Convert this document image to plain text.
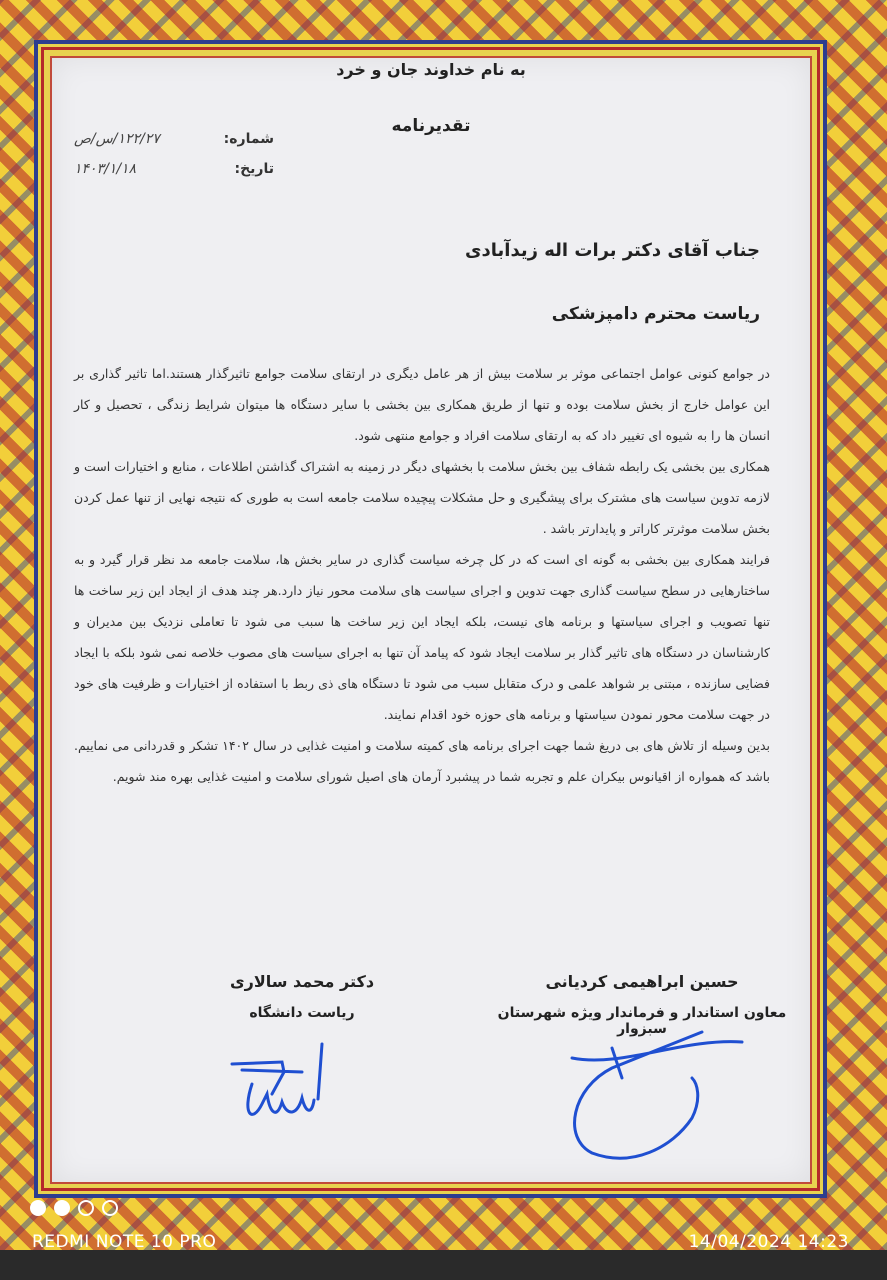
به نام خداوند جان و خرد
تقدیرنامه
شماره:
۱۲۲/۲۷/س/ص
تاریخ:
۱۴۰۳/۱/۱۸
جناب آقای دکتر برات اله زیدآبادی
ریاست محترم دامپزشکی

در جوامع کنونی عوامل اجتماعی موثر بر سلامت بیش از هر عامل دیگری در ارتقای سلامت جوامع تاثیرگذار هستند.اما تاثیر گذاری بر این عوامل خارج از بخش سلامت بوده و تنها از طریق همکاری بین بخشی با سایر دستگاه ها میتوان شرایط زندگی ، تحصیل و کار انسان ها را به شیوه ای تغییر داد که به ارتقای سلامت افراد و جوامع منتهی شود.

همکاری بین بخشی یک رابطه شفاف بین بخش سلامت با بخشهای دیگر در زمینه به اشتراک گذاشتن اطلاعات ، منابع و اختیارات است و لازمه تدوین سیاست های مشترک برای پیشگیری و حل مشکلات پیچیده سلامت جامعه است به طوری که نتیجه نهایی از تنها عمل کردن بخش سلامت موثرتر کاراتر و پایدارتر باشد .

فرایند همکاری بین بخشی به گونه ای است که در کل چرخه سیاست گذاری در سایر بخش ها، سلامت جامعه مد نظر قرار گیرد و به ساختارهایی در سطح سیاست گذاری جهت تدوین و اجرای سیاست های سلامت محور نیاز دارد.هر چند هدف از ایجاد این زیر ساخت ها تنها تصویب و اجرای سیاستها و برنامه های نیست، بلکه ایجاد این زیر ساخت ها سبب می شود تا تعاملی نزدیک بین مدیران و کارشناسان در دستگاه های تاثیر گذار بر سلامت ایجاد شود که پیامد آن تنها به اجرای سیاست های مصوب خلاصه نمی شود بلکه با ایجاد فضایی سازنده ، مبتنی بر شواهد علمی و درک متقابل سبب می شود تا دستگاه های ذی ربط با استفاده از اختیارات و ظرفیت های خود در جهت سلامت محور نمودن سیاستها و برنامه های حوزه خود اقدام نمایند.

بدین وسیله از تلاش های بی دریغ شما جهت اجرای برنامه های کمیته سلامت و امنیت غذایی در سال ۱۴۰۲ تشکر و قدردانی می نماییم. باشد که همواره از اقیانوس بیکران علم و تجربه شما در پیشبرد آرمان های اصیل شورای سلامت و امنیت غذایی بهره مند شویم.

دکتر محمد سالاری
ریاست دانشگاه
حسین ابراهیمی کردیانی
معاون استاندار و فرماندار ویژه شهرستان سبزوار
REDMI NOTE 10 PRO	14/04/2024 14:23
